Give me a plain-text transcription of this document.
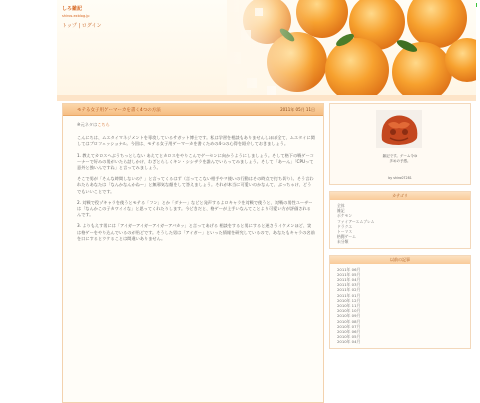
しろ雑記
shiros.exblog.jp
トップ | ログイン
モテる女子用ゲーマーカを書く4つの方法	2011年 05月 11日

※元ネタはこちら

こんにちは、ムエタイマネジメントを専攻しているサガット博士です。私は学習を相談もありませんしほぼ全て、ムエタイに関してはプロフェッショナル。今回は、モテる女子用ゲーマーカを書くための4つの心得を紹介しておきましょう。

1. 教えてカロスヘぶうちっとしない あえてとカロスをやりこんでゲーセンに向かうようにしましょう。そして格下の戦ゲーコーナーで好みの男がいたら話しかけ、わざとらしくキン・シシザラを誰んでいらってみましょう。そして「あ〜ん」「CPUって意外と強いんですね」と言ってみましょう。

そこで男が「そんな時間しないの？」と言ってくるはず（言ってこない相手やヲ使いの行動はその時点で打ち切り）。そう言われたらあなたは「なんかなんかね〜」と無邪気な顔をして答えましょう。それが本当に可愛いのかなんて、ぶっちゃけ、どうでもいいことです。

2. 対戦で役ゾキャラを使うとモテる「フン」とか「ダナー」などと発声するよロキャラを対戦で使うと、対戦の男性ユーザーは「なんかこの子カワイイな」と思ってくれたりします。今どきだと、格ゲーが上手いなんてことより可愛い方が評価されるんです。

3. よりもえす男には「アイガーアイガーアイガーアバカッ」と言ってあげる 相談をすると男にすると迷さうイケメンほど、実は格ゲーをやり込んでいるのが殆どです。そうした男は「アイガー」といった情報を研究しているので、あなたもキャラの名前を口にするとウケることは間違いありません。

雑記です。ゲーム今ゆ
多めの予感。
by shiro07281
カテゴリ
全体
雑記
ポケモン
ファイアーエムブレム
ドラクエ
トーマス
格闘ゲーム
未分類
以前の記事
2011年 06月
2011年 05月
2011年 04月
2011年 03月
2011年 02月
2011年 01月
2010年 12月
2010年 11月
2010年 10月
2010年 09月
2010年 08月
2010年 07月
2010年 06月
2010年 05月
2010年 04月
